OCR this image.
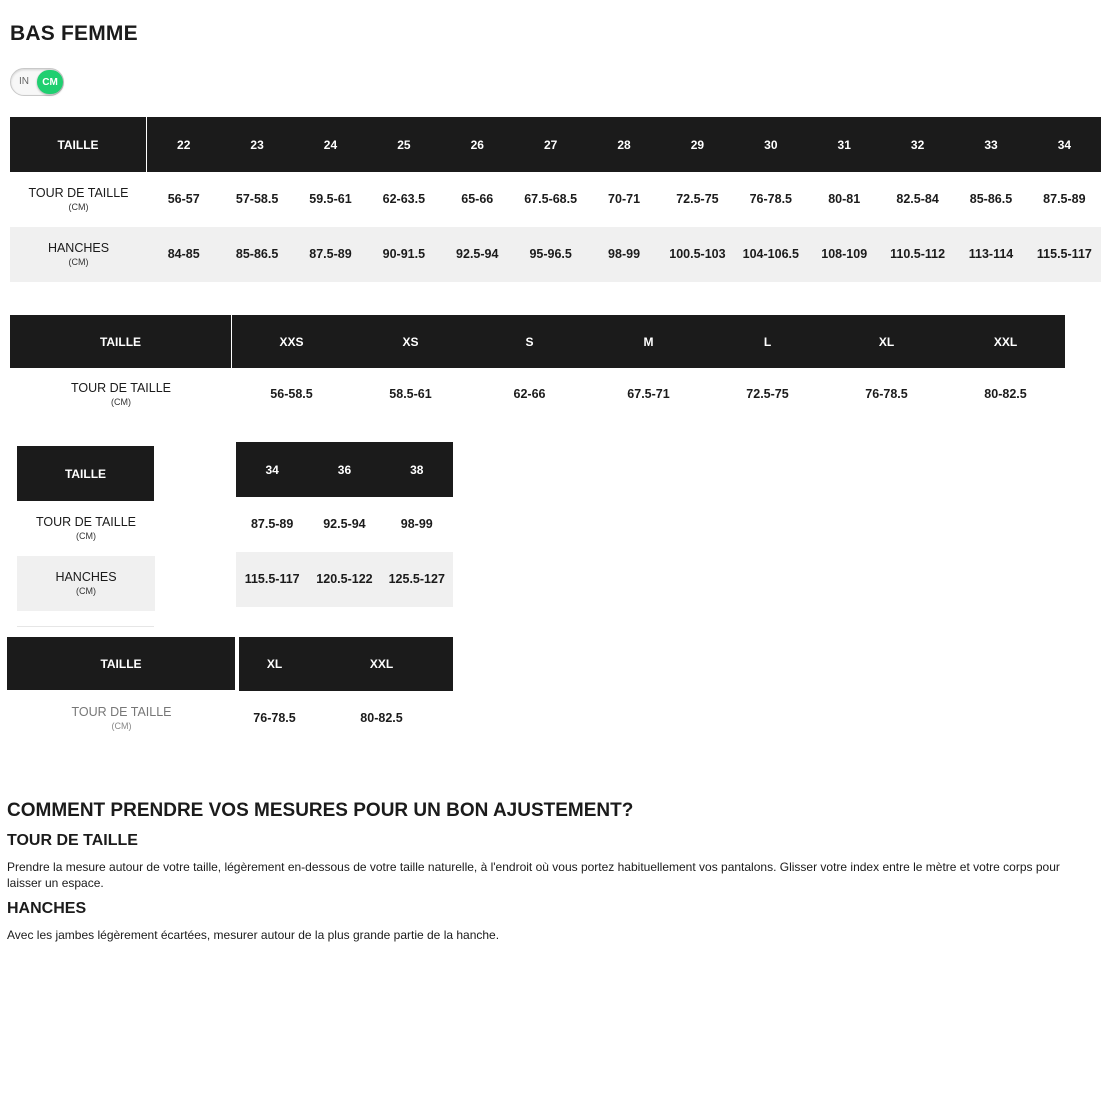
BAS FEMME
IN	CM
TAILLE
TOUR DE TAILLE
(CM)
HANCHES
(CM)
22
56-57
84-85
23
57-58.5
85-86.5
24
59.5-61
87.5-89
25
62-63.5
90-91.5
26
65-66
92.5-94
27
67.5-68.5
95-96.5
28
70-71
98-99
29
72.5-75
100.5-103
30
76-78.5
104-106.5
31
80-81
108-109
32
82.5-84
110.5-112
33
85-86.5
113-114
34
87.5-89
115.5-117
TAILLE
TOUR DE TAILLE
(CM)
XXS
56-58.5
XS
58.5-61
S
62-66
M
67.5-71
L
72.5-75
XL
76-78.5
XXL
80-82.5
TAILLE
TOUR DE TAILLE
(CM)
HANCHES
(CM)
34
87.5-89
115.5-117
36
92.5-94
120.5-122
38
98-99
125.5-127
TAILLE
TOUR DE TAILLE
(CM)
XL
76-78.5
XXL
80-82.5
COMMENT PRENDRE VOS MESURES POUR UN BON AJUSTEMENT?
TOUR DE TAILLE

Prendre la mesure autour de votre taille, légèrement en-dessous de votre taille naturelle, à l'endroit où vous portez habituellement vos pantalons. Glisser votre index entre le mètre et votre corps pour laisser un espace.

HANCHES

Avec les jambes légèrement écartées, mesurer autour de la plus grande partie de la hanche.
